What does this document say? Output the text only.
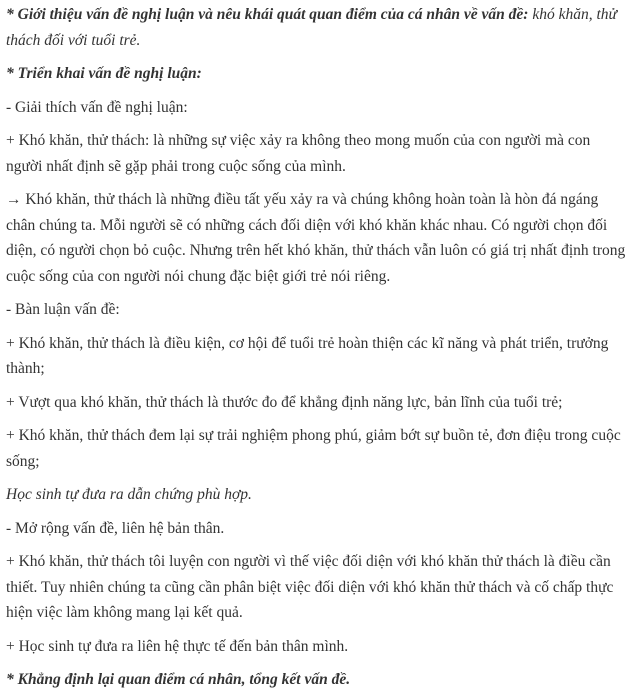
* Giới thiệu vấn đề nghị luận và nêu khái quát quan điểm của cá nhân về vấn đề: khó khăn, thử thách đối với tuổi trẻ.

* Triển khai vấn đề nghị luận:

- Giải thích vấn đề nghị luận:

+ Khó khăn, thử thách: là những sự việc xảy ra không theo mong muốn của con người mà con người nhất định sẽ gặp phải trong cuộc sống của mình.

→ Khó khăn, thử thách là những điều tất yếu xảy ra và chúng không hoàn toàn là hòn đá ngáng chân chúng ta. Mỗi người sẽ có những cách đối diện với khó khăn khác nhau. Có người chọn đối diện, có người chọn bỏ cuộc. Nhưng trên hết khó khăn, thử thách vẫn luôn có giá trị nhất định trong cuộc sống của con người nói chung đặc biệt giới trẻ nói riêng.

- Bàn luận vấn đề:

+ Khó khăn, thử thách là điều kiện, cơ hội để tuổi trẻ hoàn thiện các kĩ năng và phát triển, trưởng thành;

+ Vượt qua khó khăn, thử thách là thước đo để khẳng định năng lực, bản lĩnh của tuổi trẻ;

+ Khó khăn, thử thách đem lại sự trải nghiệm phong phú, giảm bớt sự buồn tẻ, đơn điệu trong cuộc sống;

Học sinh tự đưa ra dẫn chứng phù hợp.

- Mở rộng vấn đề, liên hệ bản thân.

+ Khó khăn, thử thách tôi luyện con người vì thế việc đối diện với khó khăn thử thách là điều cần thiết. Tuy nhiên chúng ta cũng cần phân biệt việc đối diện với khó khăn thử thách và cố chấp thực hiện việc làm không mang lại kết quả.

+ Học sinh tự đưa ra liên hệ thực tế đến bản thân mình.

* Khẳng định lại quan điểm cá nhân, tổng kết vấn đề.
